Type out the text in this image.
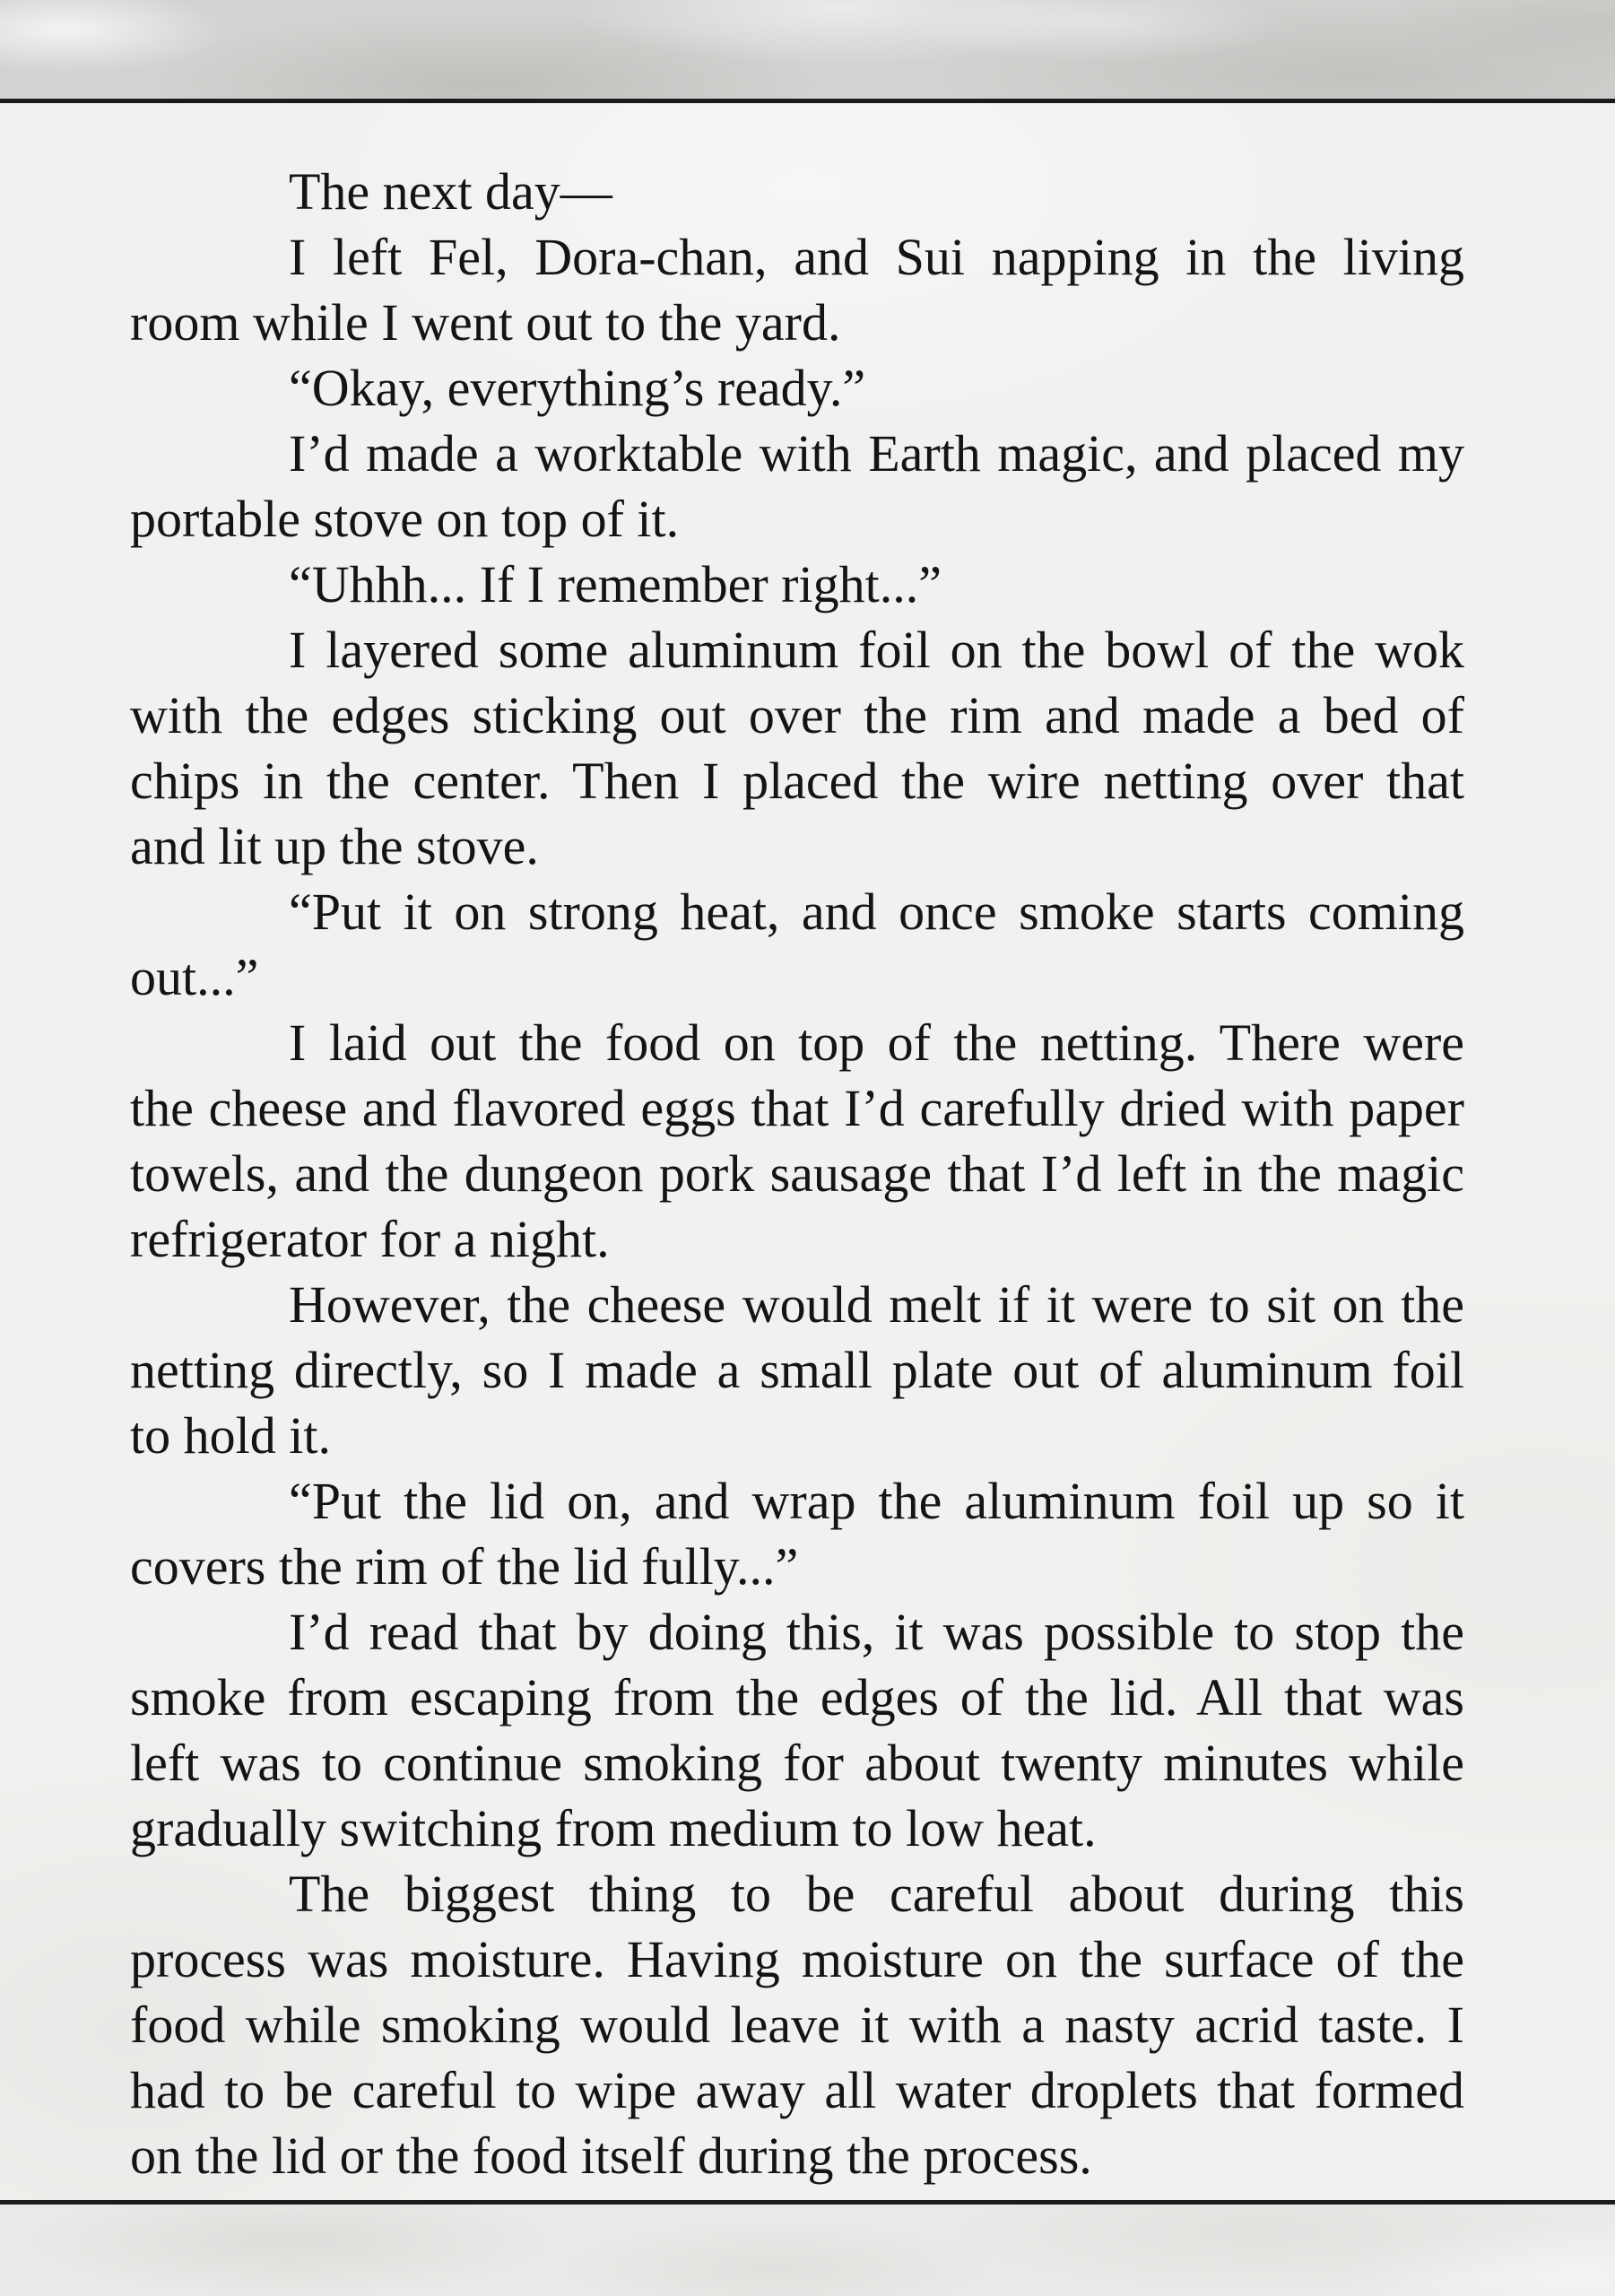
The next day—
I left Fel, Dora-chan, and Sui napping in the living
room while I went out to the yard.
“Okay, everything’s ready.”
I’d made a worktable with Earth magic, and placed my
portable stove on top of it.
“Uhhh... If I remember right...”
I layered some aluminum foil on the bowl of the wok
with the edges sticking out over the rim and made a bed of
chips in the center. Then I placed the wire netting over that
and lit up the stove.
“Put it on strong heat, and once smoke starts coming
out...”
I laid out the food on top of the netting. There were
the cheese and flavored eggs that I’d carefully dried with paper
towels, and the dungeon pork sausage that I’d left in the magic
refrigerator for a night.
However, the cheese would melt if it were to sit on the
netting directly, so I made a small plate out of aluminum foil
to hold it.
“Put the lid on, and wrap the aluminum foil up so it
covers the rim of the lid fully...”
I’d read that by doing this, it was possible to stop the
smoke from escaping from the edges of the lid. All that was
left was to continue smoking for about twenty minutes while
gradually switching from medium to low heat.
The biggest thing to be careful about during this
process was moisture. Having moisture on the surface of the
food while smoking would leave it with a nasty acrid taste. I
had to be careful to wipe away all water droplets that formed
on the lid or the food itself during the process.
